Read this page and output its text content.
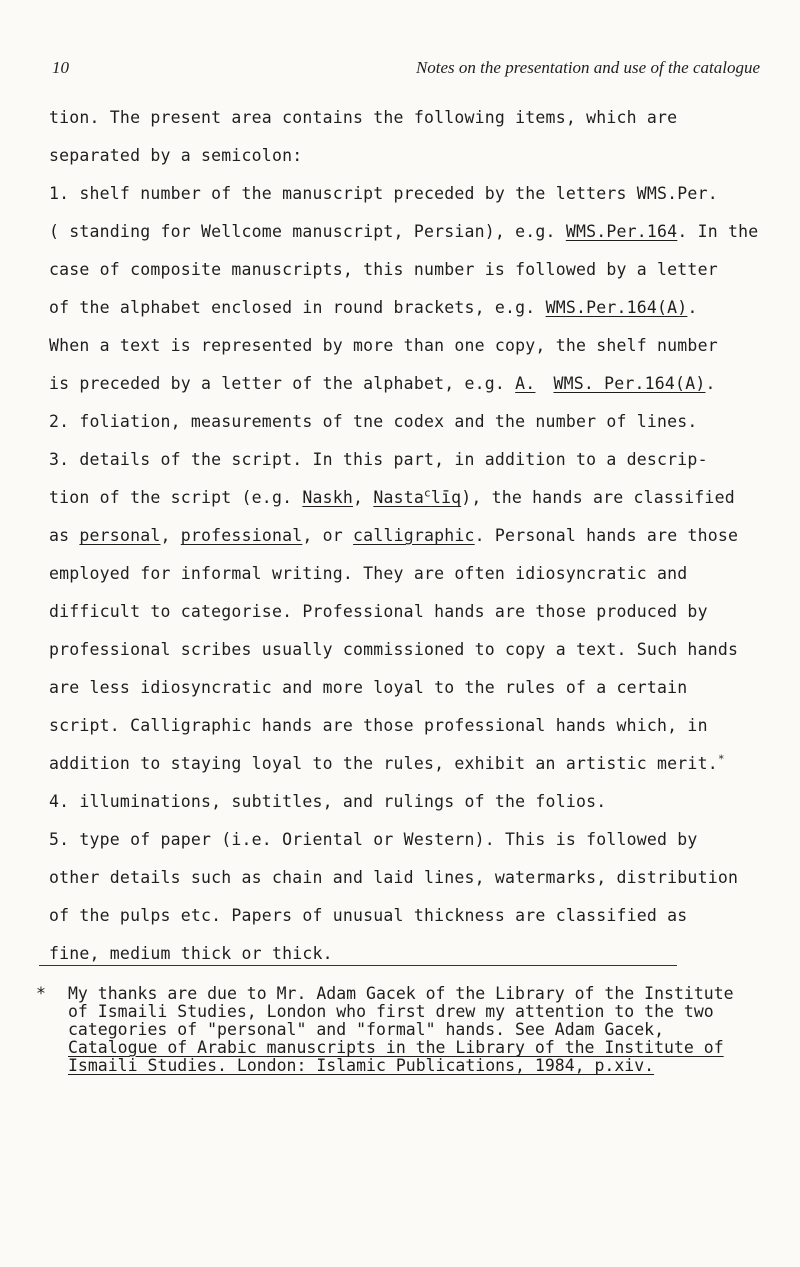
10	Notes on the presentation and use of the catalogue
tion. The present area contains the following items, which are
separated by a semicolon:
1. shelf number of the manuscript preceded by the letters WMS.Per.
( standing for Wellcome manuscript, Persian), e.g. WMS.Per.164. In the
case of composite manuscripts, this number is followed by a letter
of the alphabet enclosed in round brackets, e.g. WMS.Per.164(A).
When a text is represented by more than one copy, the shelf number
is preceded by a letter of the alphabet, e.g. A. WMS. Per.164(A).
2. foliation, measurements of tne codex and the number of lines.
3. details of the script. In this part, in addition to a descrip-
tion of the script (e.g. Naskh, Nasta$^c$līq), the hands are classified
as personal, professional, or calligraphic. Personal hands are those
employed for informal writing. They are often idiosyncratic and
difficult to categorise. Professional hands are those produced by
professional scribes usually commissioned to copy a text. Such hands
are less idiosyncratic and more loyal to the rules of a certain
script. Calligraphic hands are those professional hands which, in
addition to staying loyal to the rules, exhibit an artistic merit.*
4. illuminations, subtitles, and rulings of the folios.
5. type of paper (i.e. Oriental or Western). This is followed by
other details such as chain and laid lines, watermarks, distribution
of the pulps etc. Papers of unusual thickness are classified as
fine, medium thick or thick.
* My thanks are due to Mr. Adam Gacek of the Library of the Institute
of Ismaili Studies, London who first drew my attention to the two
categories of "personal" and "formal" hands. See Adam Gacek,
Catalogue of Arabic manuscripts in the Library of the Institute of
Ismaili Studies. London: Islamic Publications, 1984, p.xiv.
